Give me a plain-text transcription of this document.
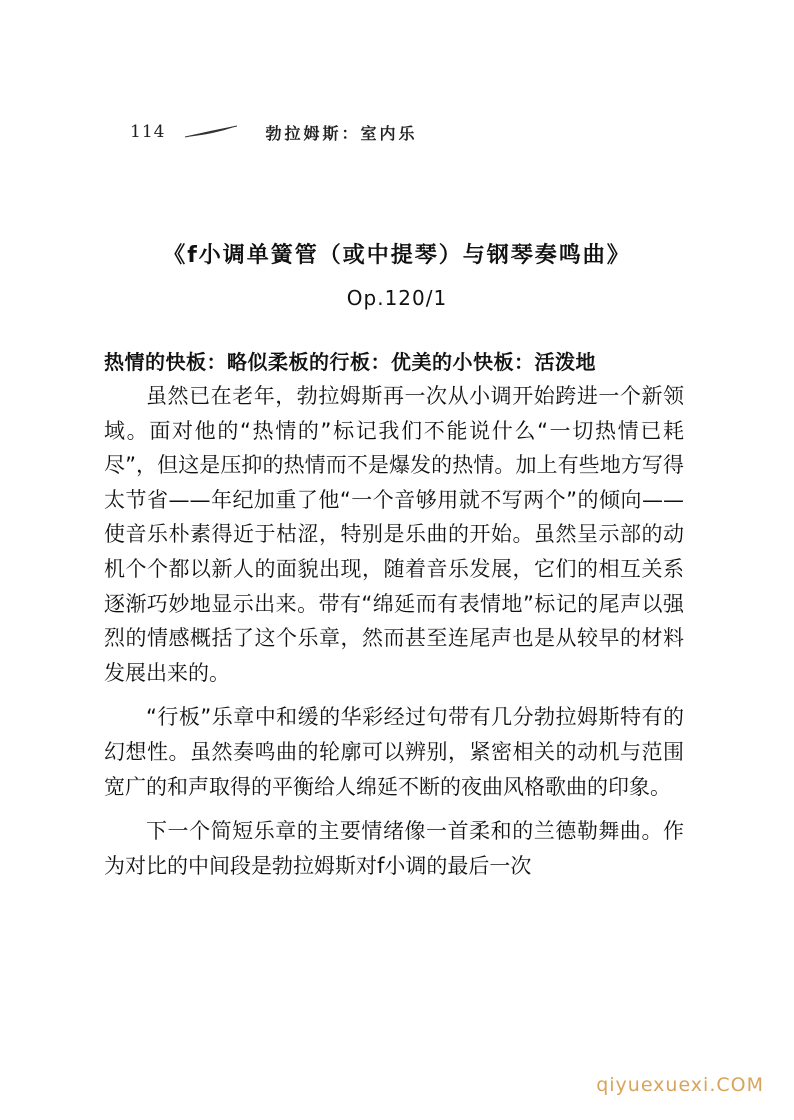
114	勃拉姆斯：室内乐
《f小调单簧管（或中提琴）与钢琴奏鸣曲》
Op.120/1
热情的快板：略似柔板的行板：优美的小快板：活泼地

虽然已在老年，勃拉姆斯再一次从小调开始跨进一个新领域。面对他的“热情的”标记我们不能说什么“一切热情已耗尽”，但这是压抑的热情而不是爆发的热情。加上有些地方写得太节省——年纪加重了他“一个音够用就不写两个”的倾向——使音乐朴素得近于枯涩，特别是乐曲的开始。虽然呈示部的动机个个都以新人的面貌出现，随着音乐发展，它们的相互关系逐渐巧妙地显示出来。带有“绵延而有表情地”标记的尾声以强烈的情感概括了这个乐章，然而甚至连尾声也是从较早的材料发展出来的。

“行板”乐章中和缓的华彩经过句带有几分勃拉姆斯特有的幻想性。虽然奏鸣曲的轮廓可以辨别，紧密相关的动机与范围宽广的和声取得的平衡给人绵延不断的夜曲风格歌曲的印象。

下一个简短乐章的主要情绪像一首柔和的兰德勒舞曲。作为对比的中间段是勃拉姆斯对f小调的最后一次

qiyuexuexi.COM
